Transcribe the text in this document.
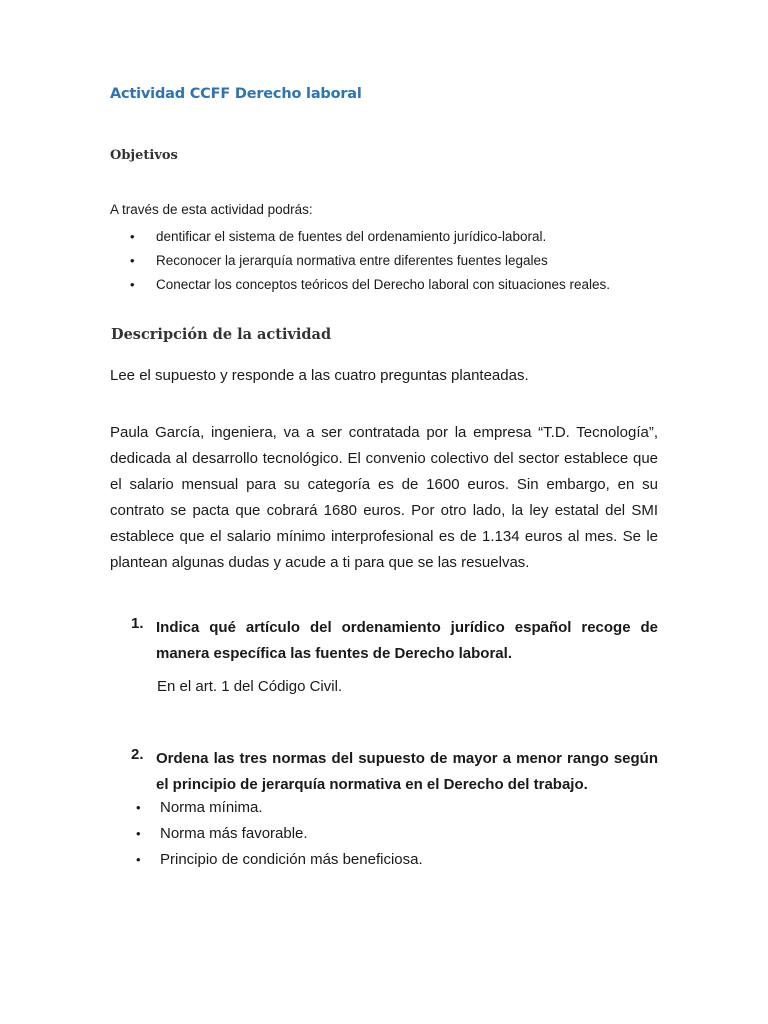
Actividad CCFF Derecho laboral
Objetivos
A través de esta actividad podrás:
• dentificar el sistema de fuentes del ordenamiento jurídico-laboral.
• Reconocer la jerarquía normativa entre diferentes fuentes legales
• Conectar los conceptos teóricos del Derecho laboral con situaciones reales.
Descripción de la actividad
Lee el supuesto y responde a las cuatro preguntas planteadas.
Paula García, ingeniera, va a ser contratada por la empresa “T.D. Tecnología”, dedicada al desarrollo tecnológico. El convenio colectivo del sector establece que el salario mensual para su categoría es de 1600 euros. Sin embargo, en su contrato se pacta que cobrará 1680 euros. Por otro lado, la ley estatal del SMI establece que el salario mínimo interprofesional es de 1.134 euros al mes. Se le plantean algunas dudas y acude a ti para que se las resuelvas.
1. Indica qué artículo del ordenamiento jurídico español recoge de manera específica las fuentes de Derecho laboral.
En el art. 1 del Código Civil.
2. Ordena las tres normas del supuesto de mayor a menor rango según el principio de jerarquía normativa en el Derecho del trabajo.
• Norma mínima.
• Norma más favorable.
• Principio de condición más beneficiosa.
